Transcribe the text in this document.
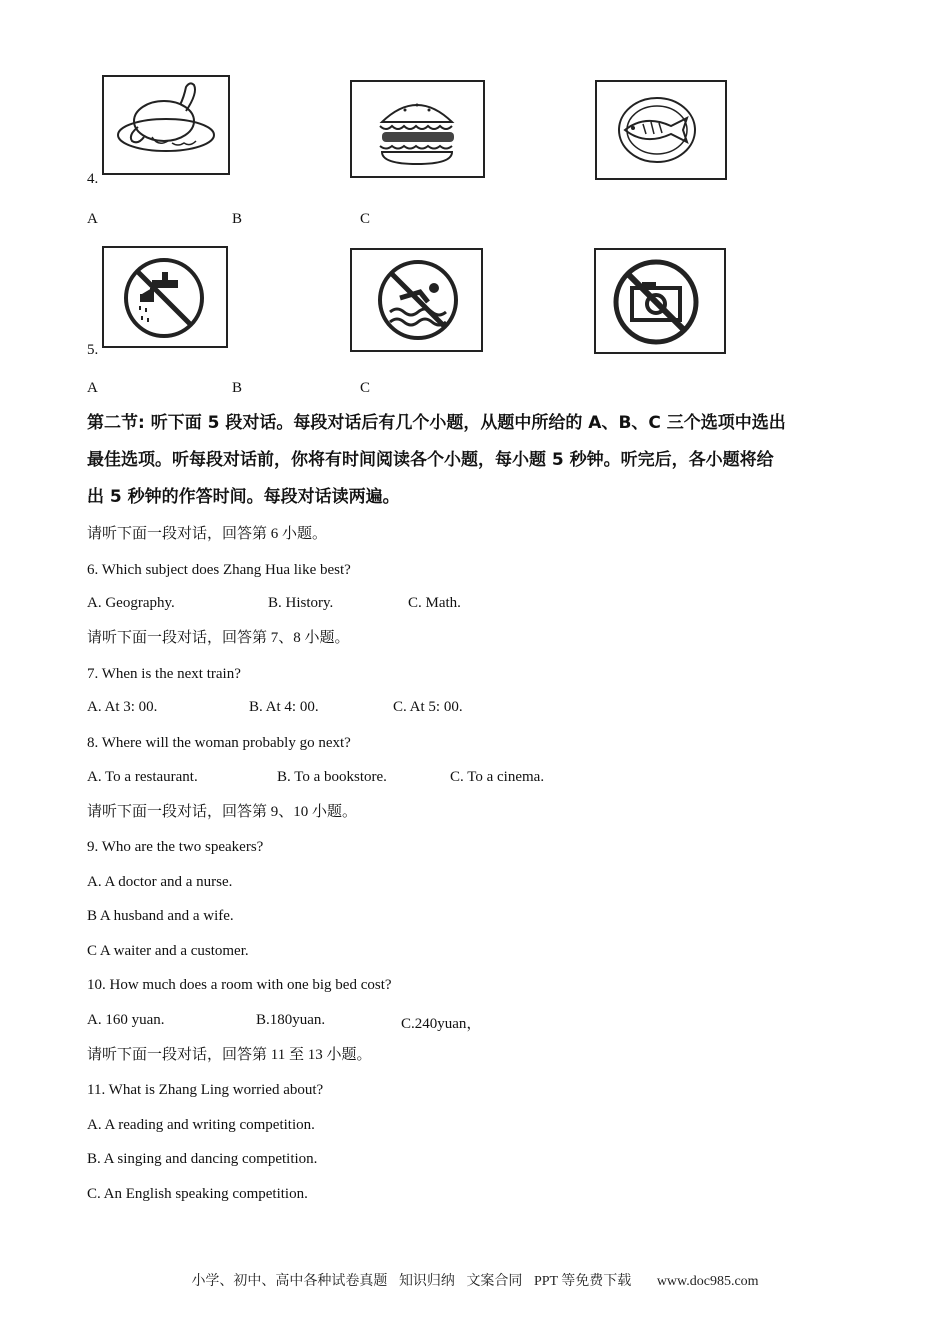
4.
A	B	C
5.
A	B	C

第二节: 听下面 5 段对话。每段对话后有几个小题，从题中所给的 A、B、C 三个选项中选出

最佳选项。听每段对话前，你将有时间阅读各个小题，每小题 5 秒钟。听完后，各小题将给

出 5 秒钟的作答时间。每段对话读两遍。

请听下面一段对话，回答第 6 小题。
6. Which subject does Zhang Hua like best?
A. Geography.	B. History.	C. Math.
请听下面一段对话，回答第 7、8 小题。
7. When is the next train?
A. At 3: 00.	B. At 4: 00.	C. At 5: 00.
8. Where will the woman probably go next?
A. To a restaurant.	B. To a bookstore.	C. To a cinema.
请听下面一段对话，回答第 9、10 小题。
9. Who are the two speakers?
A. A doctor and a nurse.
B A husband and a wife.
C A waiter and a customer.
10. How much does a room with one big bed cost?
A. 160 yuan.	B.180yuan.	C.240yuan，
请听下面一段对话，回答第 11 至 13 小题。
11. What is Zhang Ling worried about?
A. A reading and writing competition.
B. A singing and dancing competition.
C. An English speaking competition.
小学、初中、高中各种试卷真题 知识归纳 文案合同 PPT 等免费下载 www.doc985.com
